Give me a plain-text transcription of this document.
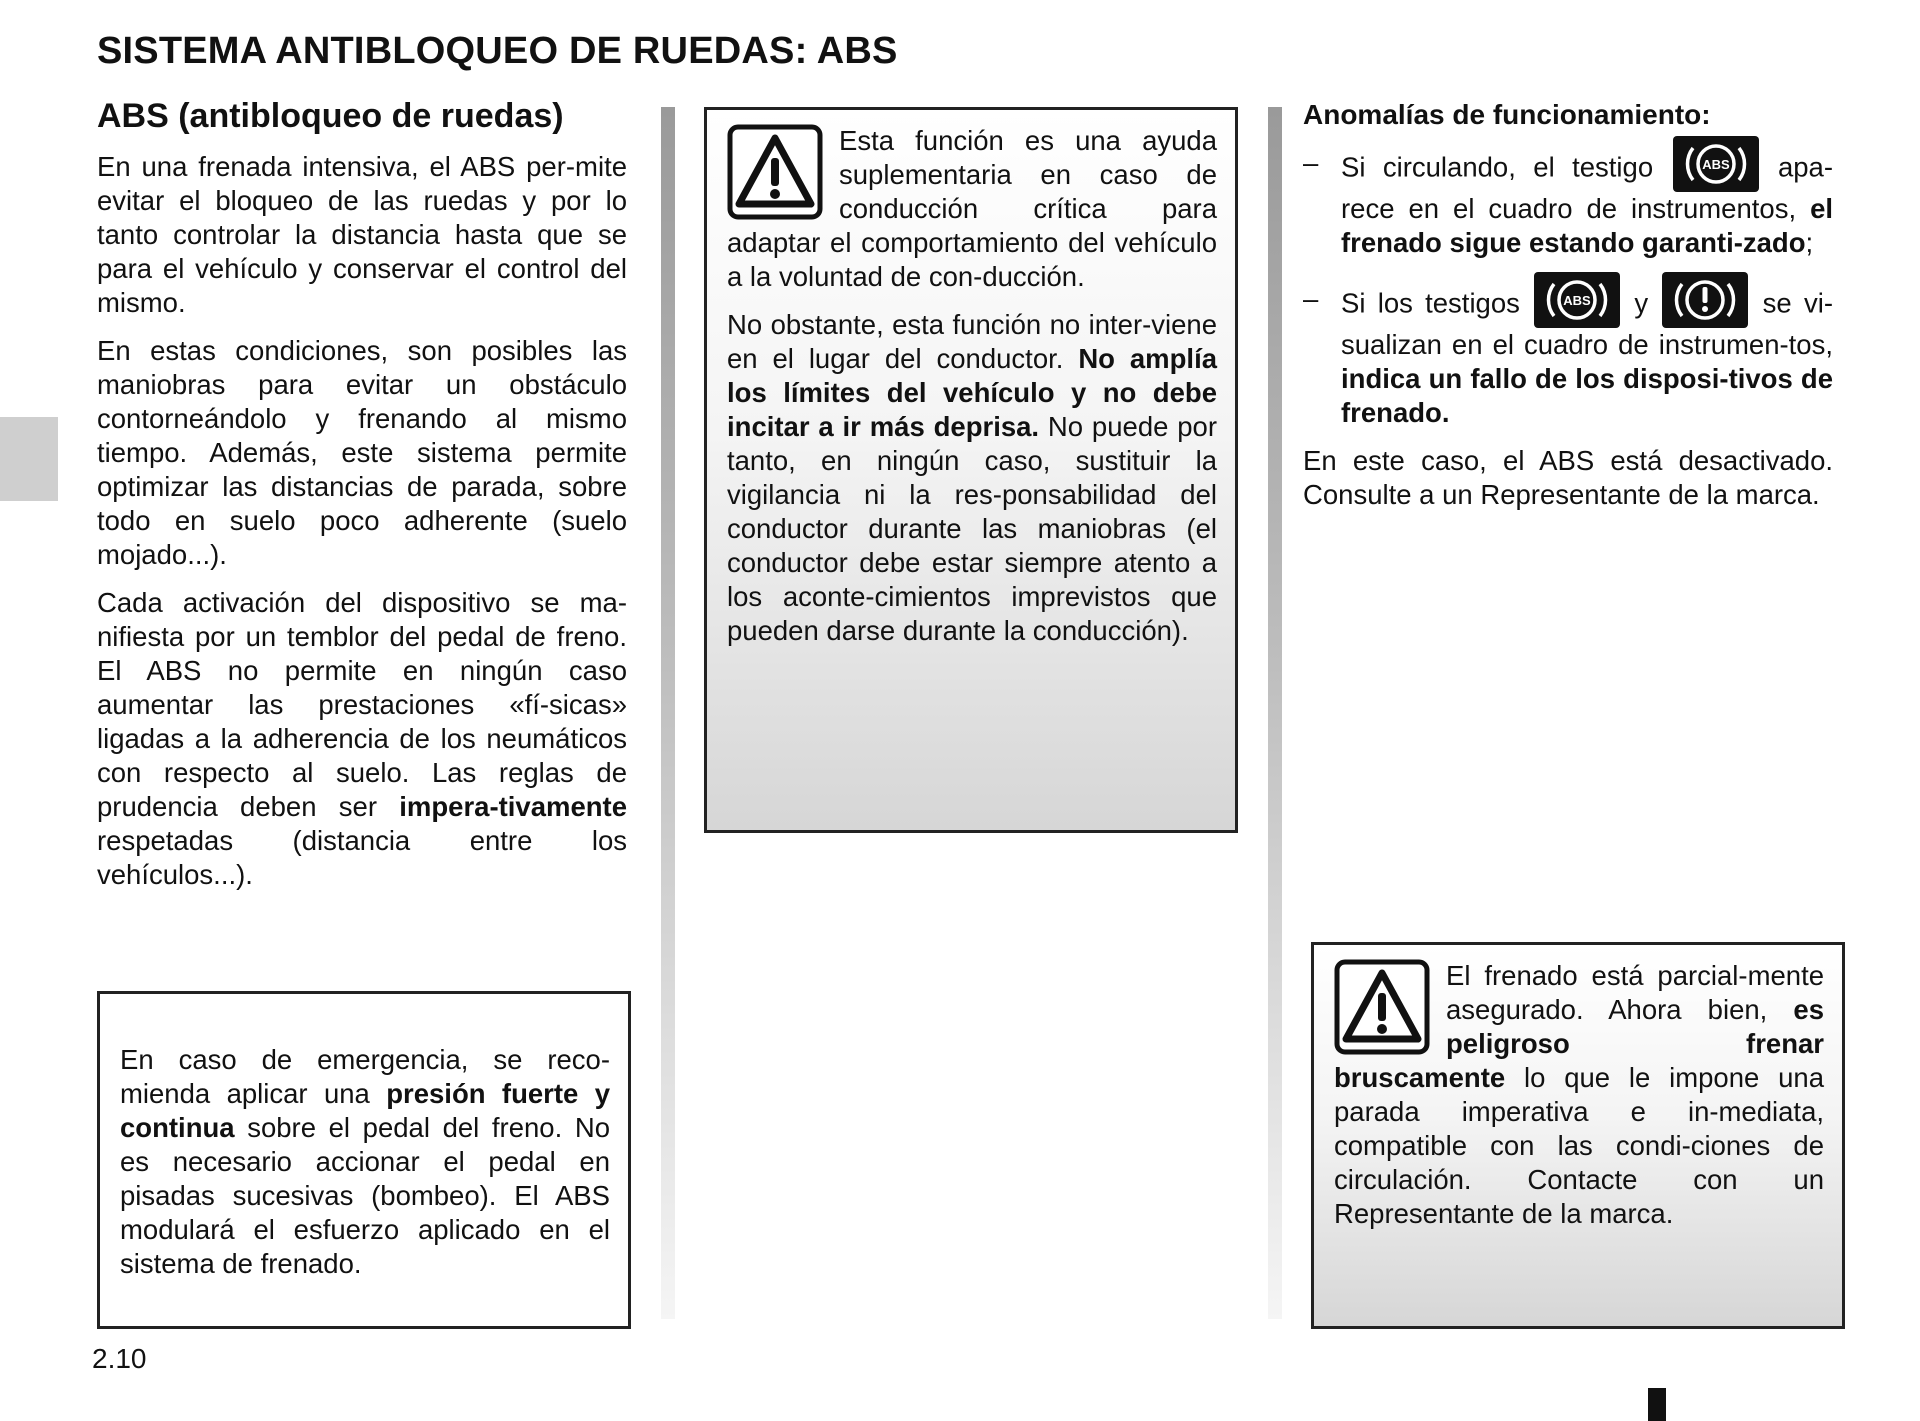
SISTEMA ANTIBLOQUEO DE RUEDAS: ABS
ABS (antibloqueo de ruedas)

En una frenada intensiva, el ABS per-mite evitar el bloqueo de las ruedas y por lo tanto controlar la distancia hasta que se para el vehículo y conservar el control del mismo.

En estas condiciones, son posibles las maniobras para evitar un obstáculo contorneándolo y frenando al mismo tiempo. Además, este sistema permite optimizar las distancias de parada, sobre todo en suelo poco adherente (suelo mojado...).

Cada activación del dispositivo se ma-nifiesta por un temblor del pedal de freno. El ABS no permite en ningún caso aumentar las prestaciones «fí-sicas» ligadas a la adherencia de los neumáticos con respecto al suelo. Las reglas de prudencia deben ser impera-tivamente respetadas (distancia entre los vehículos...).

En caso de emergencia, se reco-mienda aplicar una presión fuerte y continua sobre el pedal del freno. No es necesario accionar el pedal en pisadas sucesivas (bombeo). El ABS modulará el esfuerzo aplicado en el sistema de frenado.

Esta función es una ayuda suplementaria en caso de conducción crítica para adaptar el comportamiento del vehículo a la voluntad de con-ducción.

No obstante, esta función no inter-viene en el lugar del conductor. No amplía los límites del vehículo y no debe incitar a ir más deprisa. No puede por tanto, en ningún caso, sustituir la vigilancia ni la res-ponsabilidad del conductor durante las maniobras (el conductor debe estar siempre atento a los aconte-cimientos imprevistos que pueden darse durante la conducción).

Anomalías de funcionamiento:
– Si circulando, el testigo ABS apa-rece en el cuadro de instrumentos, el frenado sigue estando garanti-zado;
– Si los testigos ABS y	se vi-sualizan en el cuadro de instrumen-tos, indica un fallo de los disposi-tivos de frenado.

En este caso, el ABS está desactivado. Consulte a un Representante de la marca.

El frenado está parcial-mente asegurado. Ahora bien, es peligroso frenar bruscamente lo que le impone una parada imperativa e in-mediata, compatible con las condi-ciones de circulación. Contacte con un Representante de la marca.

2.10
